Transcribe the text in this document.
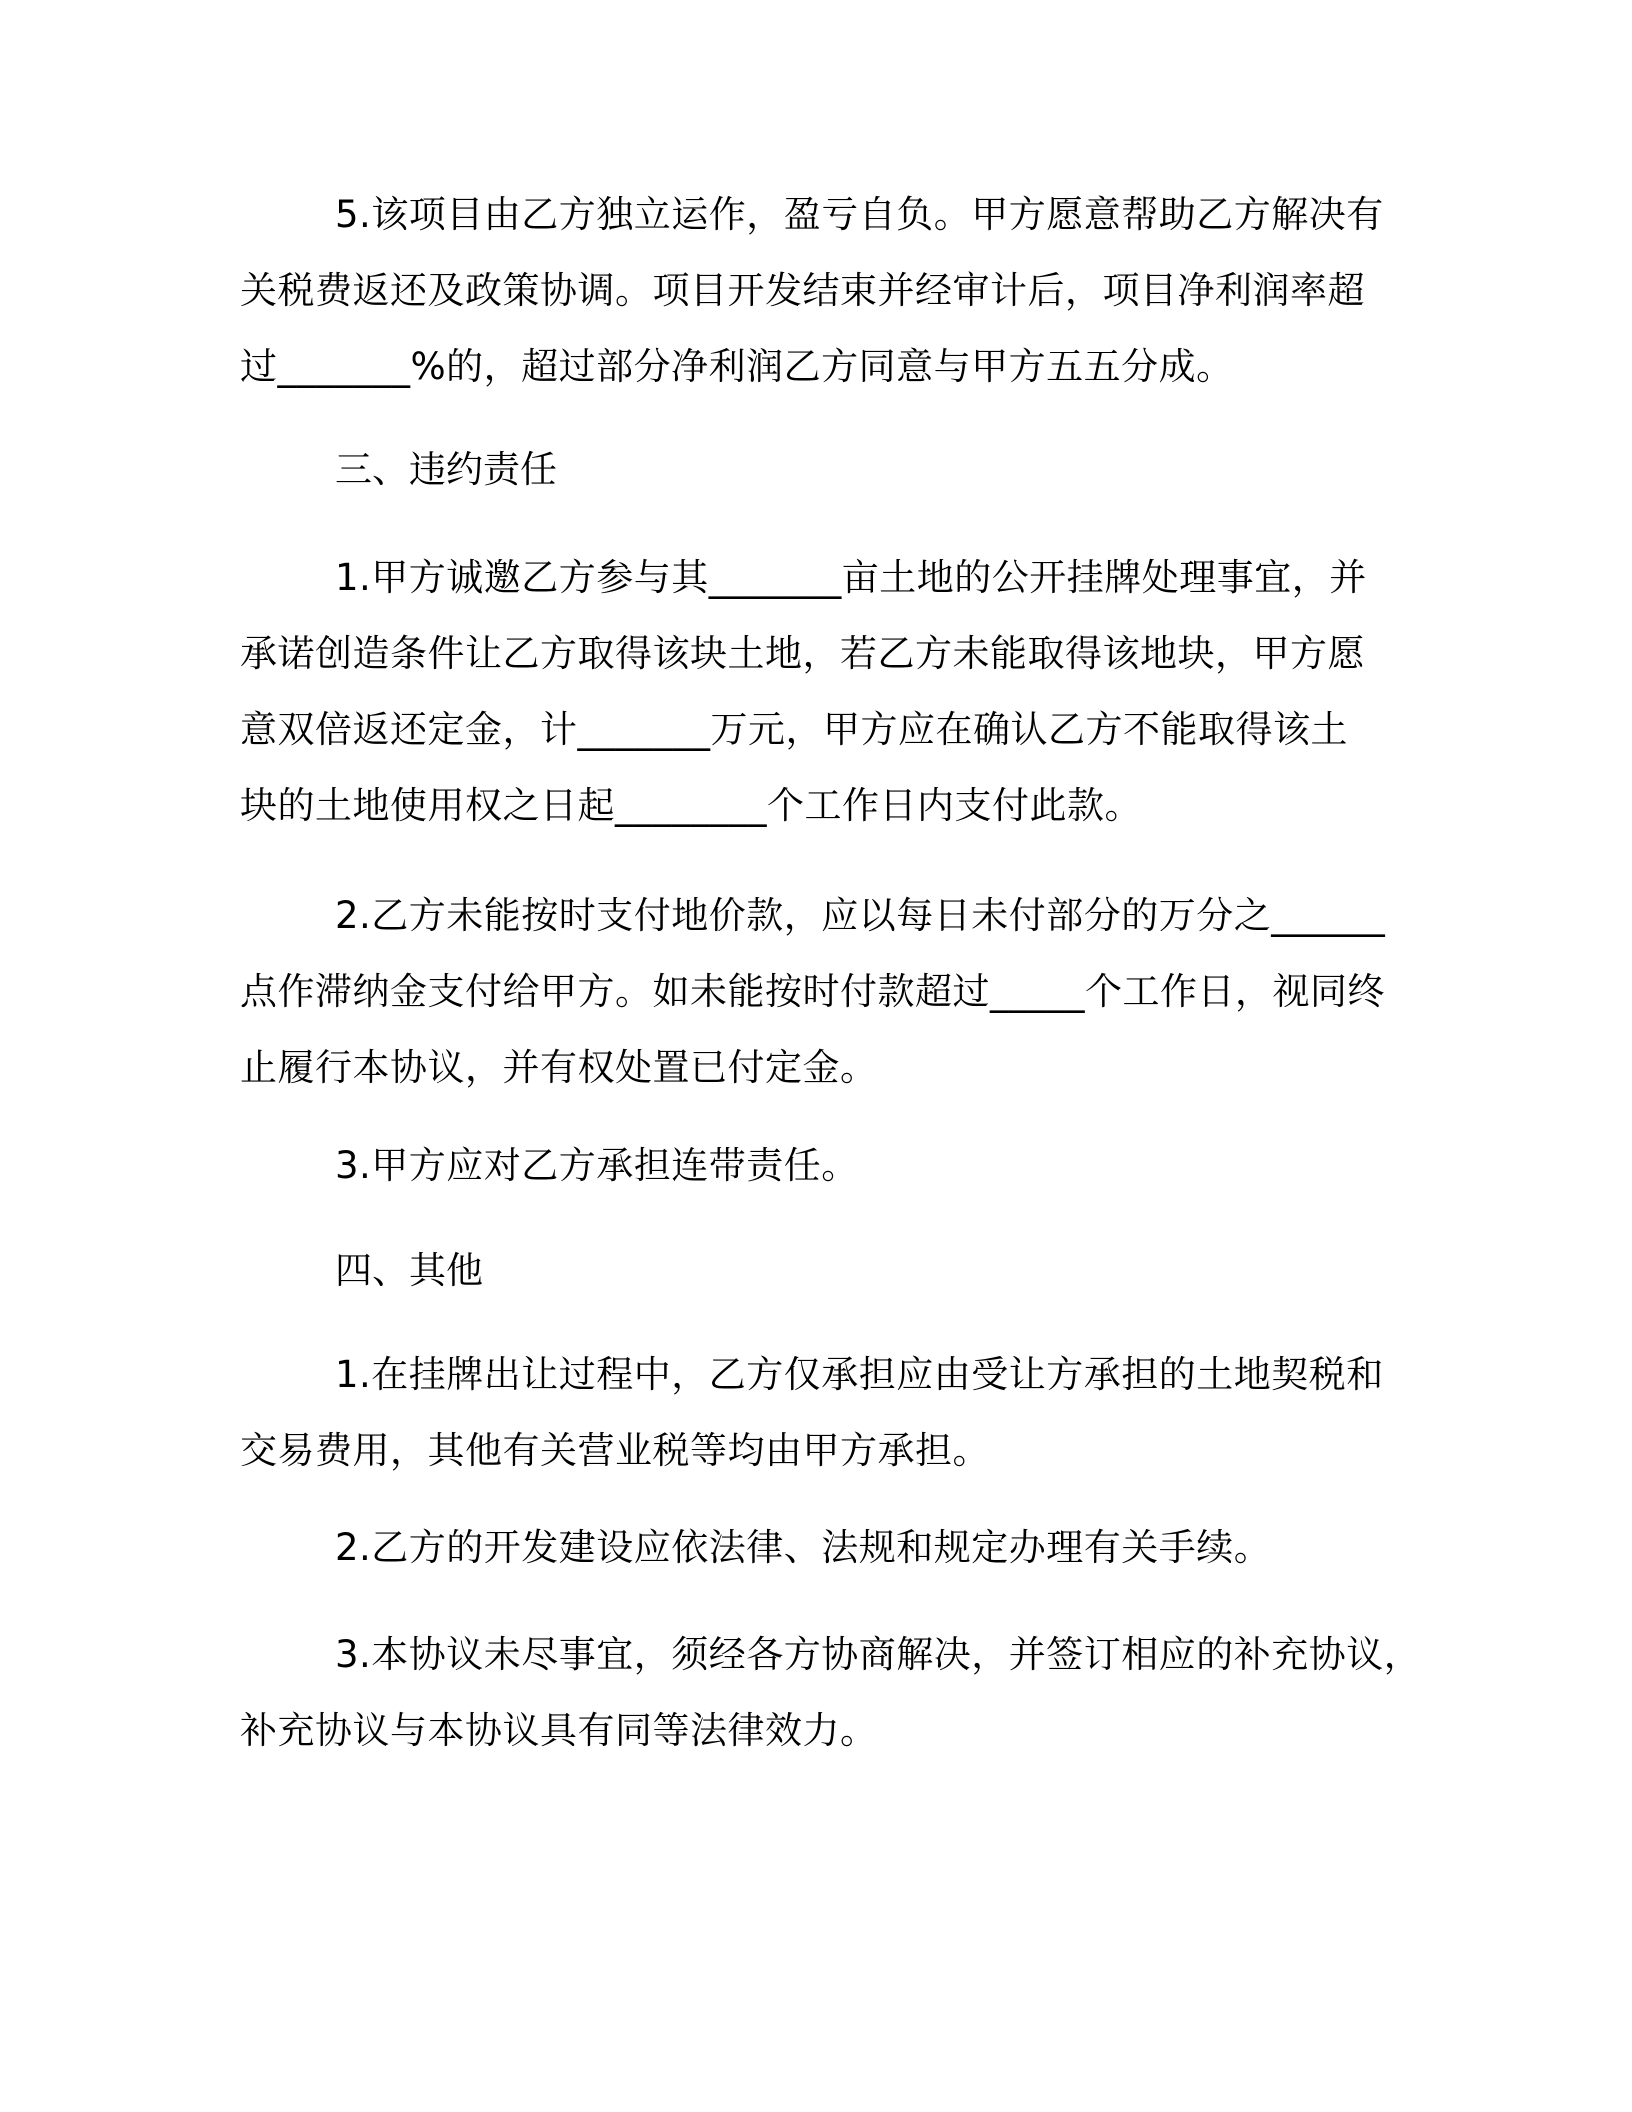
5.该项目由乙方独立运作，盈亏自负。甲方愿意帮助乙方解决有
关税费返还及政策协调。项目开发结束并经审计后，项目净利润率超
过_______%的，超过部分净利润乙方同意与甲方五五分成。
三、违约责任
1.甲方诚邀乙方参与其_______亩土地的公开挂牌处理事宜，并
承诺创造条件让乙方取得该块土地，若乙方未能取得该地块，甲方愿
意双倍返还定金，计_______万元，甲方应在确认乙方不能取得该土
块的土地使用权之日起________个工作日内支付此款。
2.乙方未能按时支付地价款，应以每日未付部分的万分之______
点作滞纳金支付给甲方。如未能按时付款超过_____个工作日，视同终
止履行本协议，并有权处置已付定金。
3.甲方应对乙方承担连带责任。
四、其他
1.在挂牌出让过程中，乙方仅承担应由受让方承担的土地契税和
交易费用，其他有关营业税等均由甲方承担。
2.乙方的开发建设应依法律、法规和规定办理有关手续。
3.本协议未尽事宜，须经各方协商解决，并签订相应的补充协议，
补充协议与本协议具有同等法律效力。
